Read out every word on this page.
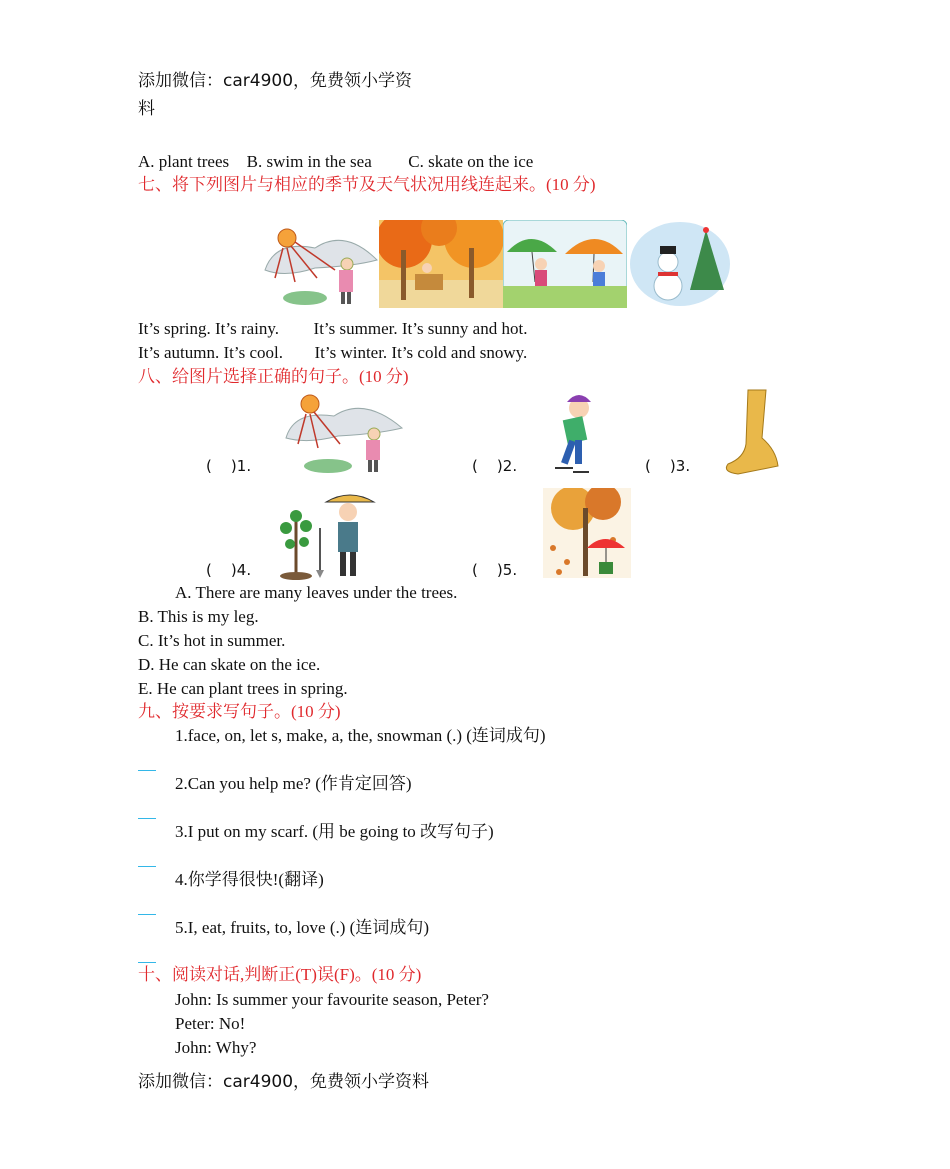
添加微信：car4900，免费领小学资
料
A. plant trees B. swim in the sea C. skate on the ice
七、将下列图片与相应的季节及天气状况用线连起来。(10 分)
It’s spring. It’s rainy. It’s summer. It’s sunny and hot.
It’s autumn. It’s cool. It’s winter. It’s cold and snowy.
八、给图片选择正确的句子。(10 分)
(    )1.	(    )2.	(    )3.
(    )4.	(    )5.
A. There are many leaves under the trees.
B. This is my leg.
C. It’s hot in summer.
D. He can skate on the ice.
E. He can plant trees in spring.
九、按要求写句子。(10 分)
1.face, on, let s, make, a, the, snowman (.) (连词成句)
2.Can you help me? (作肯定回答)
3.I put on my scarf. (用 be going to 改写句子)
4.你学得很快!(翻译)
5.I, eat, fruits, to, love (.) (连词成句)
十、阅读对话,判断正(T)误(F)。(10 分)
John: Is summer your favourite season, Peter?
Peter: No!
John: Why?
添加微信：car4900，免费领小学资料
